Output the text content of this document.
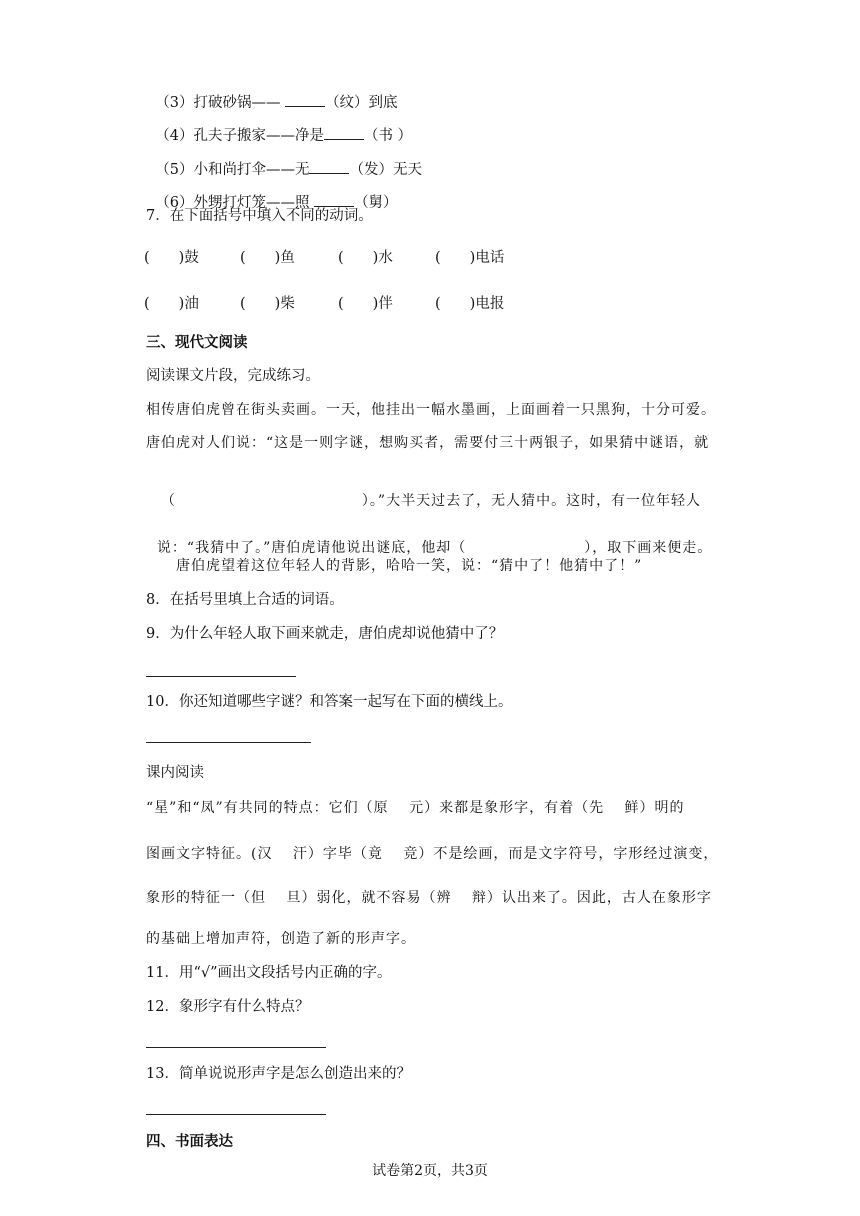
（3）打破砂锅——	（纹）到底

（4）孔夫子搬家——净是	（书 ）

（5）小和尚打伞——无	（发）无天

（6）外甥打灯笼——照	（舅）

7．在下面括号中填入不同的动词。
(　　)鼓	(　　)鱼	(　　)水	(　　)电话
(　　)油	(　　)柴	(　　)伴	(　　)电报
三、现代文阅读
阅读课文片段，完成练习。
相传唐伯虎曾在街头卖画。一天，他挂出一幅水墨画，上面画着一只黑狗，十分可爱。
唐伯虎对人们说：“这是一则字谜，想购买者，需要付三十两银子，如果猜中谜语，就

（	）。”大半天过去了，无人猜中。这时，有一位年轻人

说：“我猜中了。”唐伯虎请他说出谜底，他却（	），取下画来便走。

唐伯虎望着这位年轻人的背影，哈哈一笑，说：“猜中了！他猜中了！”
8．在括号里填上合适的词语。
9．为什么年轻人取下画来就走，唐伯虎却说他猜中了？
10．你还知道哪些字谜？和答案一起写在下面的横线上。
课内阅读
“星”和“凤”有共同的特点：它们（原　 元）来都是象形字，有着（先　 鲜）明的
图画文字特征。(汉　 汗）字毕（竟　 竞）不是绘画，而是文字符号，字形经过演变，
象形的特征一（但　 旦）弱化，就不容易（辨　 辩）认出来了。因此，古人在象形字
的基础上增加声符，创造了新的形声字。
11．用“√”画出文段括号内正确的字。
12．象形字有什么特点？
13．简单说说形声字是怎么创造出来的？
四、书面表达
试卷第2页，共3页
